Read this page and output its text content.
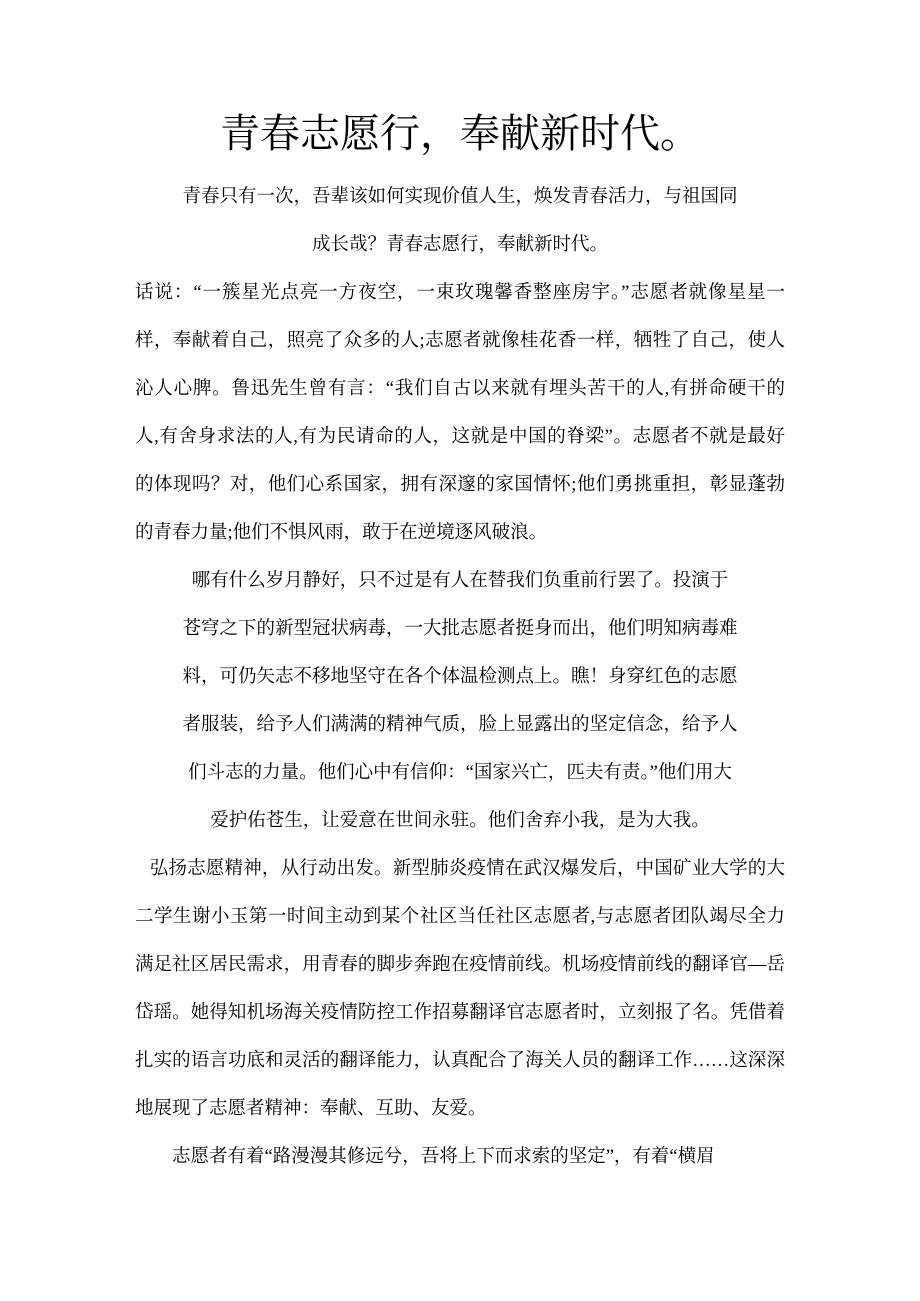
青春志愿行，奉献新时代。
青春只有一次，吾辈该如何实现价值人生，焕发青春活力，与祖国同
成长哉？青春志愿行，奉献新时代。
话说：“一簇星光点亮一方夜空，一束玫瑰馨香整座房宇。”志愿者就像星星一
样，奉献着自己，照亮了众多的人;志愿者就像桂花香一样，牺牲了自己，使人
沁人心脾。鲁迅先生曾有言：“我们自古以来就有埋头苦干的人,有拼命硬干的
人,有舍身求法的人,有为民请命的人，这就是中国的脊梁”。志愿者不就是最好
的体现吗？对，他们心系国家，拥有深邃的家国情怀;他们勇挑重担，彰显蓬勃
的青春力量;他们不惧风雨，敢于在逆境逐风破浪。
哪有什么岁月静好，只不过是有人在替我们负重前行罢了。投演于
苍穹之下的新型冠状病毒，一大批志愿者挺身而出，他们明知病毒难
料，可仍矢志不移地坚守在各个体温检测点上。瞧！身穿红色的志愿
者服装，给予人们满满的精神气质，脸上显露出的坚定信念，给予人
们斗志的力量。他们心中有信仰：“国家兴亡，匹夫有责。”他们用大
爱护佑苍生，让爱意在世间永驻。他们舍弃小我，是为大我。
弘扬志愿精神，从行动出发。新型肺炎疫情在武汉爆发后，中国矿业大学的大
二学生谢小玉第一时间主动到某个社区当任社区志愿者,与志愿者团队竭尽全力
满足社区居民需求，用青春的脚步奔跑在疫情前线。机场疫情前线的翻译官—岳
岱瑶。她得知机场海关疫情防控工作招募翻译官志愿者时，立刻报了名。凭借着
扎实的语言功底和灵活的翻译能力，认真配合了海关人员的翻译工作……这深深
地展现了志愿者精神：奉献、互助、友爱。
志愿者有着“路漫漫其修远兮，吾将上下而求索的坚定”，有着“横眉
